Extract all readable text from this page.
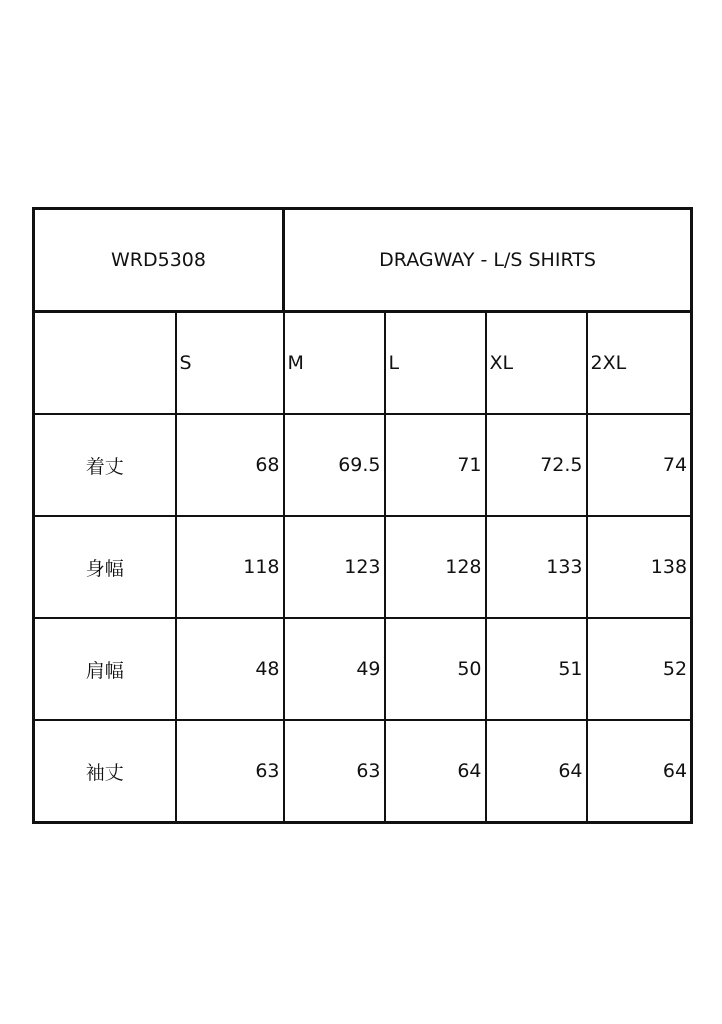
WRD5308		DRAGWAY - L/S SHIRTS			
	S	M	L	XL	2XL
着丈	68	69.5	71	72.5	74
身幅	118	123	128	133	138
肩幅	48	49	50	51	52
袖丈	63	63	64	64	64
